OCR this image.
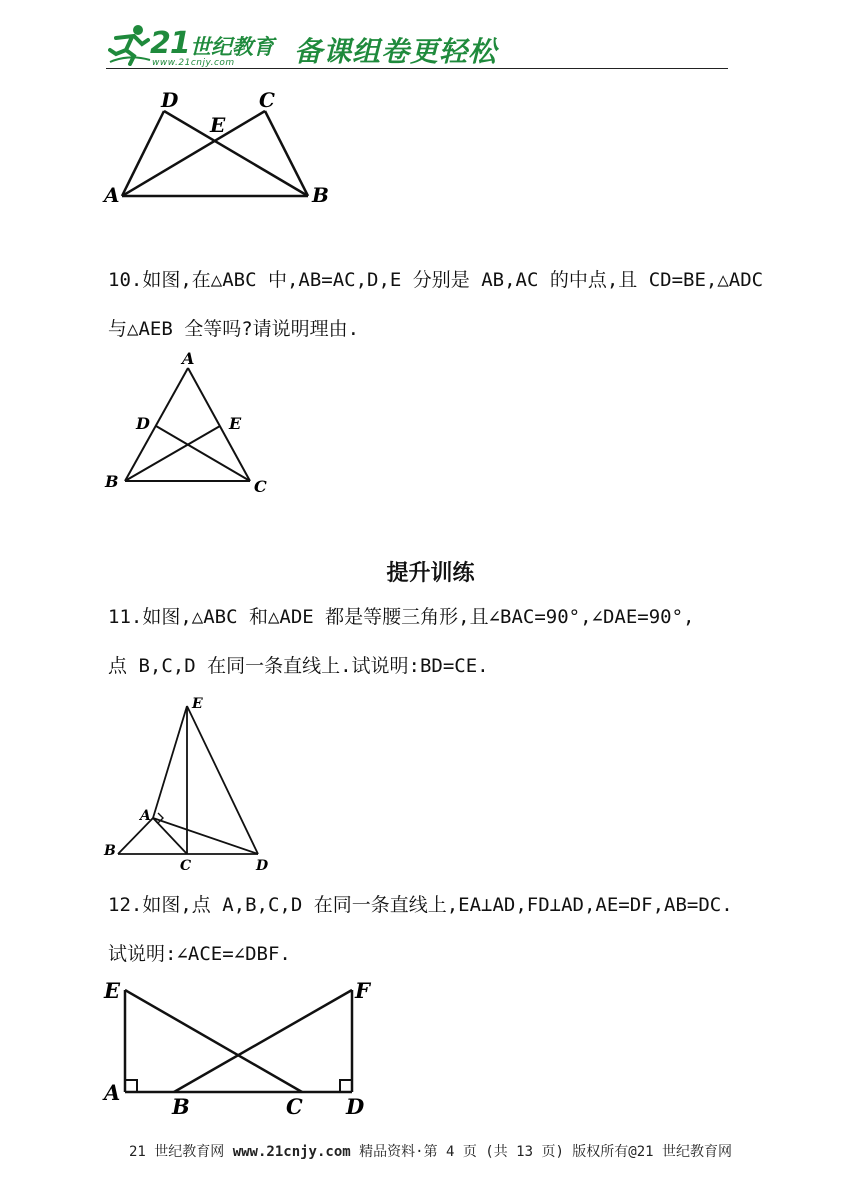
21 世纪教育
www.21cnjy.com 备课组卷更轻松
A	B
C
D
E
10.如图,在△ABC 中,AB=AC,D,E 分别是 AB,AC 的中点,且 CD=BE,△ADC
与△AEB 全等吗?请说明理由.
A
B	C
D	E
提升训练
11.如图,△ABC 和△ADE 都是等腰三角形,且∠BAC=90°,∠DAE=90°,
点 B,C,D 在同一条直线上.试说明:BD=CE.
E
A
B
C	D
12.如图,点 A,B,C,D 在同一条直线上,EA⊥AD,FD⊥AD,AE=DF,AB=DC.
试说明:∠ACE=∠DBF.
E	F
A
B	C D
21 世纪教育网 www.21cnjy.com 精品资料·第 4 页 (共 13 页) 版权所有@21 世纪教育网
